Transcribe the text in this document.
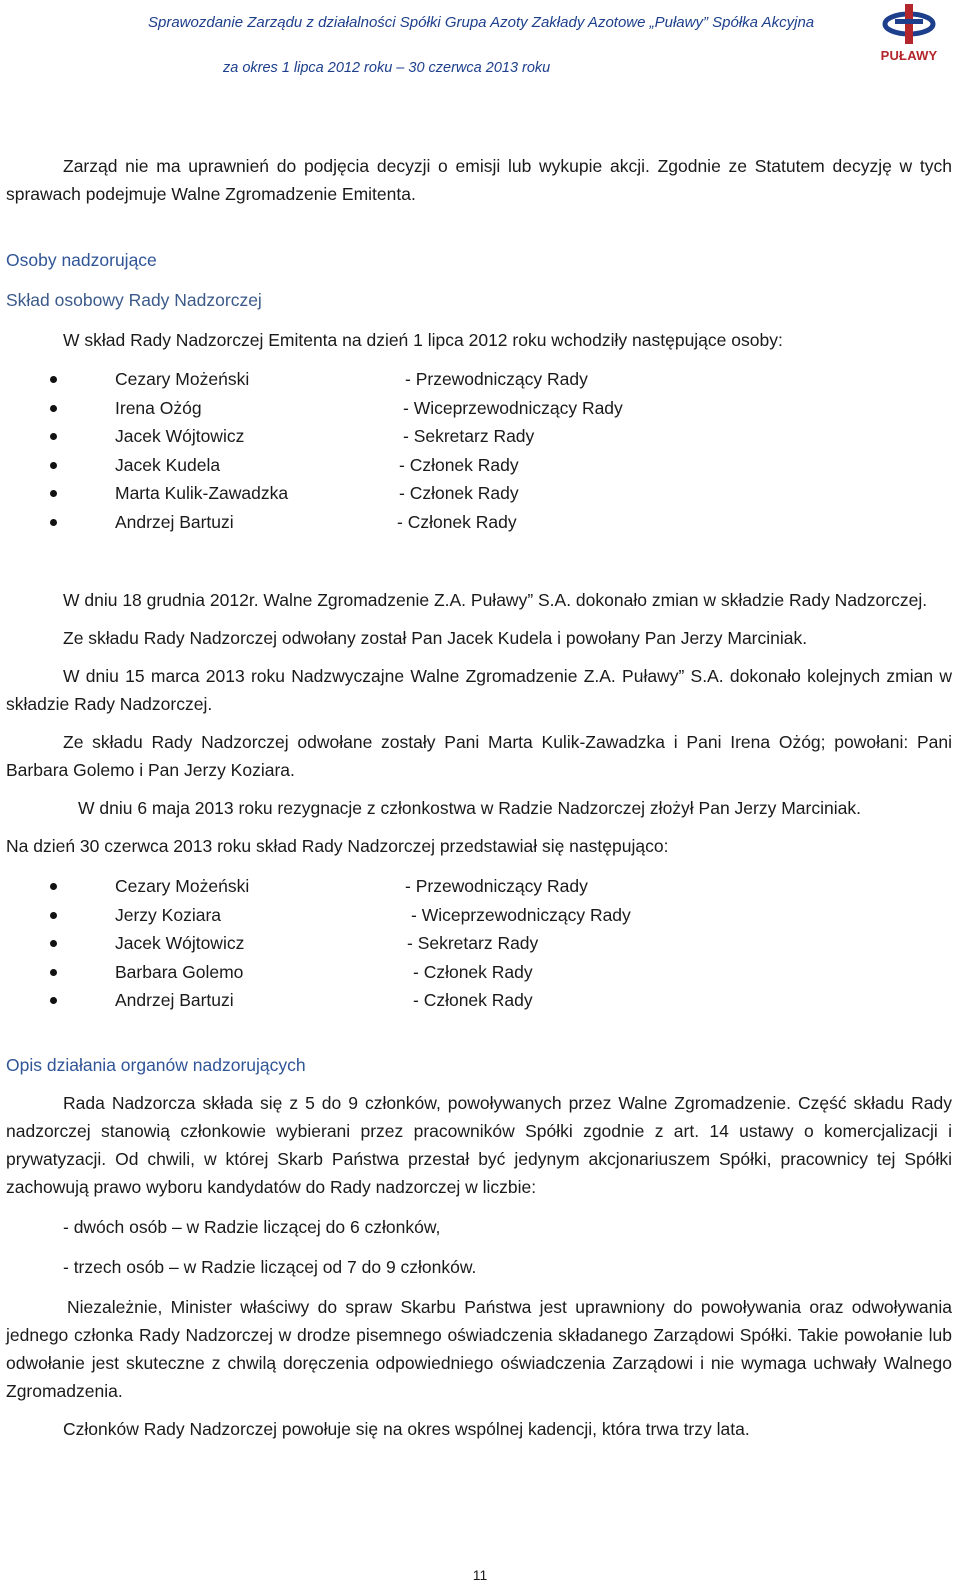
Sprawozdanie Zarządu z działalności Spółki Grupa Azoty Zakłady Azotowe „Puławy” Spółka Akcyjna
za okres 1 lipca 2012 roku – 30 czerwca 2013 roku
PUŁAWY

Zarząd nie ma uprawnień do podjęcia decyzji o emisji lub wykupie akcji. Zgodnie ze Statutem decyzję w tych sprawach podejmuje Walne Zgromadzenie Emitenta.

Osoby nadzorujące

Skład osobowy Rady Nadzorczej

W skład Rady Nadzorczej Emitenta na dzień 1 lipca 2012 roku wchodziły następujące osoby:

Cezary Możeński	- Przewodniczący Rady
Irena Ożóg	- Wiceprzewodniczący Rady
Jacek Wójtowicz	- Sekretarz Rady
Jacek Kudela	- Członek Rady
Marta Kulik-Zawadzka	- Członek Rady
Andrzej Bartuzi	- Członek Rady

W dniu 18 grudnia 2012r. Walne Zgromadzenie Z.A. Puławy” S.A. dokonało zmian w składzie Rady Nadzorczej.

Ze składu Rady Nadzorczej odwołany został Pan Jacek Kudela i powołany Pan Jerzy Marciniak.

W dniu 15 marca 2013 roku Nadzwyczajne Walne Zgromadzenie Z.A. Puławy” S.A. dokonało kolejnych zmian w składzie Rady Nadzorczej.

Ze składu Rady Nadzorczej odwołane zostały Pani Marta Kulik-Zawadzka i Pani Irena Ożóg; powołani: Pani Barbara Golemo i Pan Jerzy Koziara.

W dniu 6 maja 2013 roku rezygnacje z członkostwa w Radzie Nadzorczej złożył Pan Jerzy Marciniak.

Na dzień 30 czerwca 2013 roku skład Rady Nadzorczej przedstawiał się następująco:

Cezary Możeński	- Przewodniczący Rady
Jerzy Koziara	- Wiceprzewodniczący Rady
Jacek Wójtowicz	- Sekretarz Rady
Barbara Golemo	- Członek Rady
Andrzej Bartuzi	- Członek Rady

Opis działania organów nadzorujących

Rada Nadzorcza składa się z 5 do 9 członków, powoływanych przez Walne Zgromadzenie. Część składu Rady nadzorczej stanowią członkowie wybierani przez pracowników Spółki zgodnie z art. 14 ustawy o komercjalizacji i prywatyzacji. Od chwili, w której Skarb Państwa przestał być jedynym akcjonariuszem Spółki, pracownicy tej Spółki zachowują prawo wyboru kandydatów do Rady nadzorczej w liczbie:

- dwóch osób – w Radzie liczącej do 6 członków,

- trzech osób – w Radzie liczącej od 7 do 9 członków.

Niezależnie, Minister właściwy do spraw Skarbu Państwa jest uprawniony do powoływania oraz odwoływania jednego członka Rady Nadzorczej w drodze pisemnego oświadczenia składanego Zarządowi Spółki. Takie powołanie lub odwołanie jest skuteczne z chwilą doręczenia odpowiedniego oświadczenia Zarządowi i nie wymaga uchwały Walnego Zgromadzenia.

Członków Rady Nadzorczej powołuje się na okres wspólnej kadencji, która trwa trzy lata.

11
